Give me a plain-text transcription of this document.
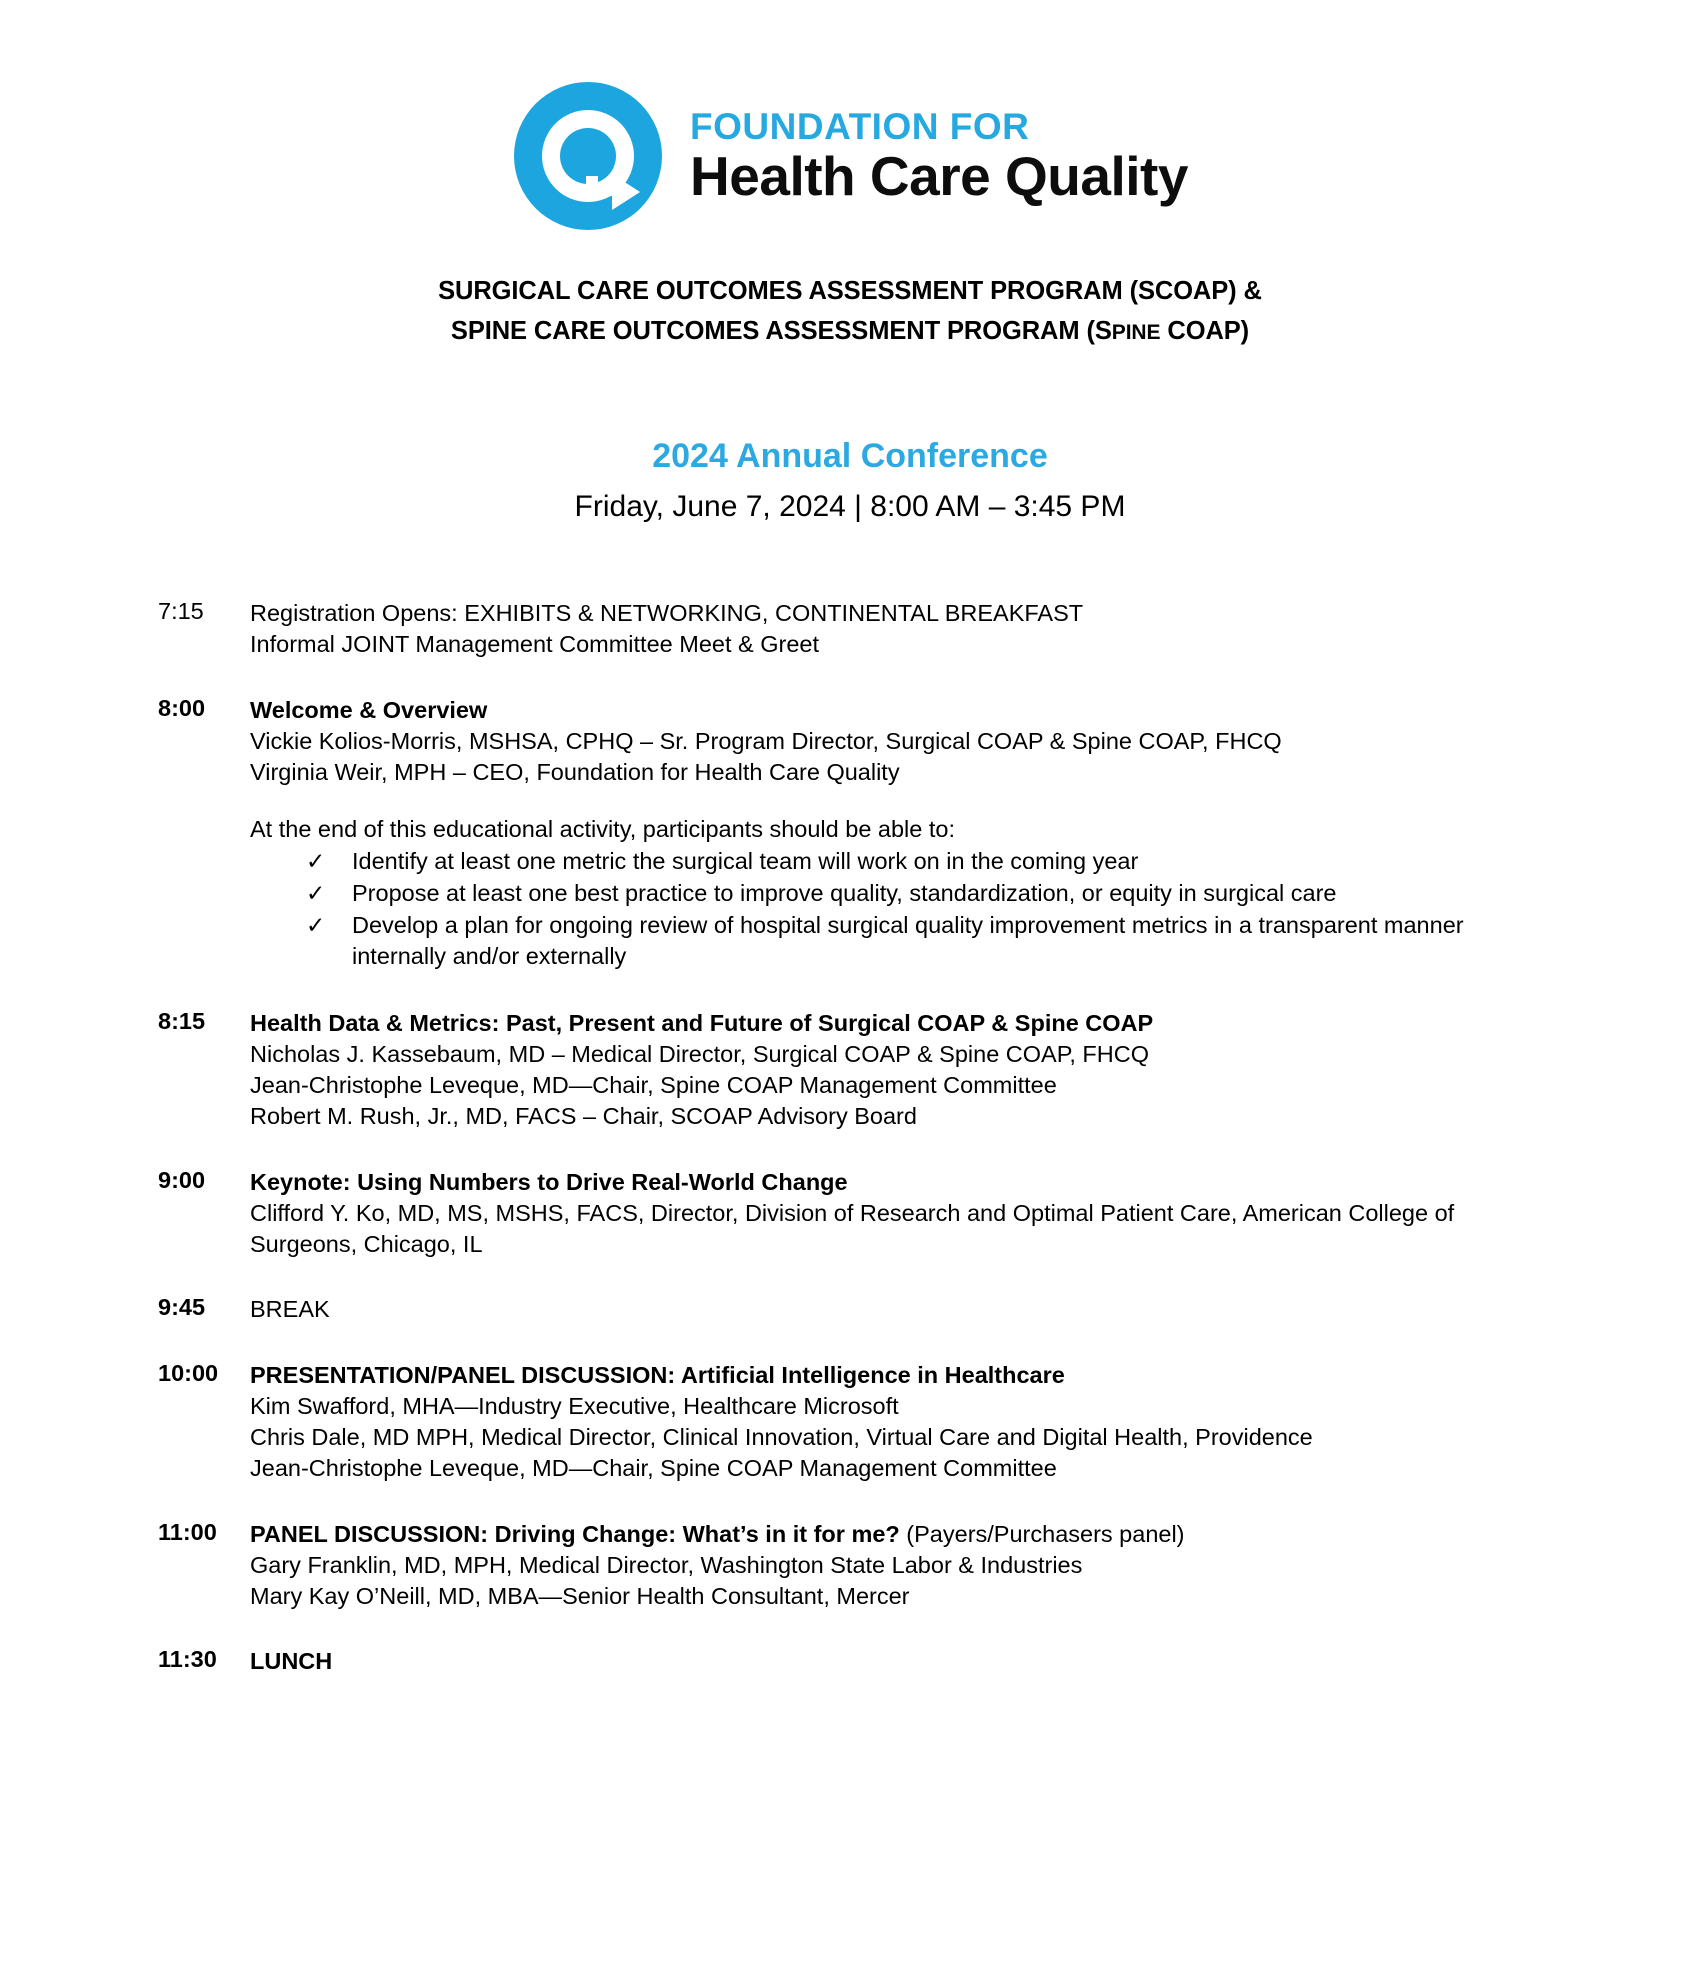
FOUNDATION FOR
Health Care Quality
SURGICAL CARE OUTCOMES ASSESSMENT PROGRAM (SCOAP) &
SPINE CARE OUTCOMES ASSESSMENT PROGRAM (SPINE COAP)
2024 Annual Conference
Friday, June 7, 2024 | 8:00 AM – 3:45 PM
7:15	Registration Opens: EXHIBITS & NETWORKING, CONTINENTAL BREAKFAST
Informal JOINT Management Committee Meet & Greet
8:00	Welcome & Overview
Vickie Kolios-Morris, MSHSA, CPHQ – Sr. Program Director, Surgical COAP & Spine COAP, FHCQ
Virginia Weir, MPH – CEO, Foundation for Health Care Quality
At the end of this educational activity, participants should be able to:
✓ Identify at least one metric the surgical team will work on in the coming year
✓ Propose at least one best practice to improve quality, standardization, or equity in surgical care
✓ Develop a plan for ongoing review of hospital surgical quality improvement metrics in a transparent manner internally and/or externally
8:15	Health Data & Metrics: Past, Present and Future of Surgical COAP & Spine COAP
Nicholas J. Kassebaum, MD – Medical Director, Surgical COAP & Spine COAP, FHCQ
Jean-Christophe Leveque, MD—Chair, Spine COAP Management Committee
Robert M. Rush, Jr., MD, FACS – Chair, SCOAP Advisory Board
9:00	Keynote: Using Numbers to Drive Real-World Change
Clifford Y. Ko, MD, MS, MSHS, FACS, Director, Division of Research and Optimal Patient Care, American College of Surgeons, Chicago, IL
9:45	BREAK
10:00	PRESENTATION/PANEL DISCUSSION: Artificial Intelligence in Healthcare
Kim Swafford, MHA—Industry Executive, Healthcare Microsoft
Chris Dale, MD MPH, Medical Director, Clinical Innovation, Virtual Care and Digital Health, Providence
Jean-Christophe Leveque, MD—Chair, Spine COAP Management Committee
11:00	PANEL DISCUSSION: Driving Change: What’s in it for me? (Payers/Purchasers panel)
Gary Franklin, MD, MPH, Medical Director, Washington State Labor & Industries
Mary Kay O’Neill, MD, MBA—Senior Health Consultant, Mercer
11:30	LUNCH
